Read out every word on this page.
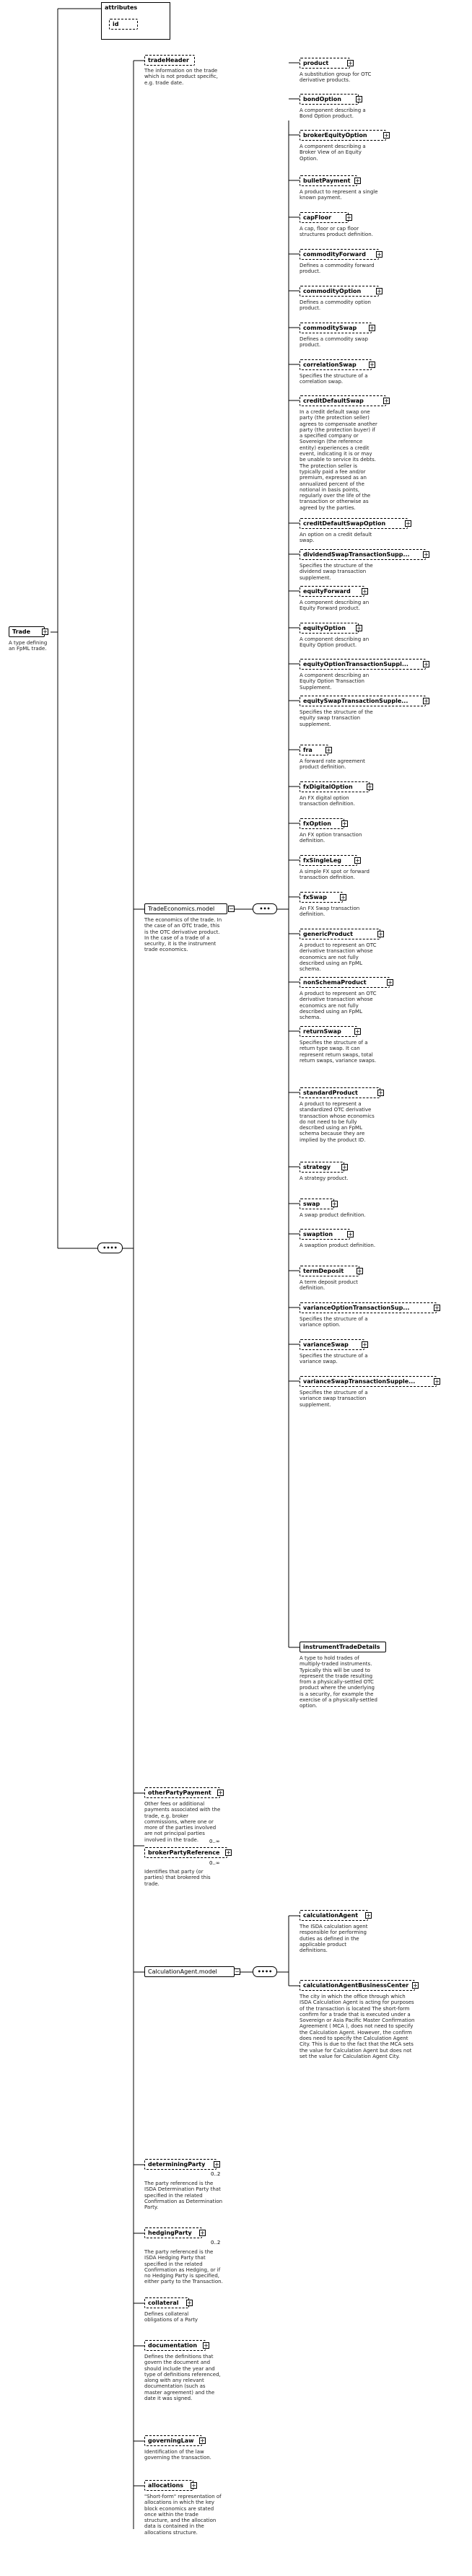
attributes
id
Trade	+
A type defining an FpML trade.
••••
tradeHeader
The information on the trade which is not product specific, e.g. trade date.
TradeEconomics.model	−
The economics of the trade. In the case of an OTC trade, this is the OTC derivative product. In the case of a trade of a security, it is the instrument trade economics.
•••
product	+
A substitution group for OTC derivative products.
bondOption	+
A component describing a Bond Option product.
brokerEquityOption	+
A component describing a Broker View of an Equity Option.
bulletPayment +
A product to represent a single known payment.
capFloor	+
A cap, floor or cap floor structures product definition.
commodityForward	+
Defines a commodity forward product.
commodityOption	+
Defines a commodity option product.
commoditySwap	+
Defines a commodity swap product.
correlationSwap	+
Specifies the structure of a correlation swap.
creditDefaultSwap	+
In a credit default swap one party (the protection seller) agrees to compensate another party (the protection buyer) if a specified company or Sovereign (the reference entity) experiences a credit event, indicating it is or may be unable to service its debts. The protection seller is typically paid a fee and/or premium, expressed as an annualized percent of the notional in basis points, regularly over the life of the transaction or otherwise as agreed by the parties.
creditDefaultSwapOption	+
An option on a credit default swap.
dividendSwapTransactionSupp...	+
Specifies the structure of the dividend swap transaction supplement.
equityForward	+
A component describing an Equity Forward product.
equityOption	+
A component describing an Equity Option product.
equityOptionTransactionSuppl...	+
A component describing an Equity Option Transaction Supplement.
equitySwapTransactionSupple...	+
Specifies the structure of the equity swap transaction supplement.
fra	+
A forward rate agreement product definition.
fxDigitalOption	+
An FX digital option transaction definition.
fxOption	+
An FX option transaction definition.
fxSingleLeg	+
A simple FX spot or forward transaction definition.
fxSwap	+
An FX Swap transaction definition.
genericProduct	+
A product to represent an OTC derivative transaction whose economics are not fully described using an FpML schema.
nonSchemaProduct	+
A product to represent an OTC derivative transaction whose economics are not fully described using an FpML schema.
returnSwap	+
Specifies the structure of a return type swap. It can represent return swaps, total return swaps, variance swaps.
standardProduct	+
A product to represent a standardized OTC derivative transaction whose economics do not need to be fully described using an FpML schema because they are implied by the product ID.
strategy	+
A strategy product.
swap	+
A swap product definition.
swaption	+
A swaption product definition.
termDeposit	+
A term deposit product definition.
varianceOptionTransactionSup...	+
Specifies the structure of a variance option.
varianceSwap	+
Specifies the structure of a variance swap.
varianceSwapTransactionSupple...	+
Specifies the structure of a variance swap transaction supplement.
instrumentTradeDetails
A type to hold trades of multiply-traded instruments. Typically this will be used to represent the trade resulting from a physically-settled OTC product where the underlying is a security, for example the exercise of a physically-settled option.
otherPartyPayment	+
Other fees or additional payments associated with the trade, e.g. broker commissions, where one or more of the parties involved are not principal parties involved in the trade.	0..∞
brokerPartyReference	+
0..∞
Identifies that party (or parties) that brokered this trade.
CalculationAgent.model	−	••••
calculationAgent	+
The ISDA calculation agent responsible for performing duties as defined in the applicable product definitions.
calculationAgentBusinessCenter +
The city in which the office through which ISDA Calculation Agent is acting for purposes of the transaction is located The short-form confirm for a trade that is executed under a Sovereign or Asia Pacific Master Confirmation Agreement ( MCA ), does not need to specify the Calculation Agent. However, the confirm does need to specify the Calculation Agent City. This is due to the fact that the MCA sets the value for Calculation Agent but does not set the value for Calculation Agent City.
determiningParty	+
0..2
The party referenced is the ISDA Determination Party that specified in the related Confirmation as Determination Party.
hedgingParty	+
0..2
The party referenced is the ISDA Hedging Party that specified in the related Confirmation as Hedging, or if no Hedging Party is specified, either party to the Transaction.
collateral	+
Defines collateral obligations of a Party
documentation	+
Defines the definitions that govern the document and should include the year and type of definitions referenced, along with any relevant documentation (such as master agreement) and the date it was signed.
governingLaw	+
Identification of the law governing the transaction.
allocations	+
"Short-form" representation of allocations in which the key block economics are stated once within the trade structure, and the allocation data is contained in the allocations structure.
